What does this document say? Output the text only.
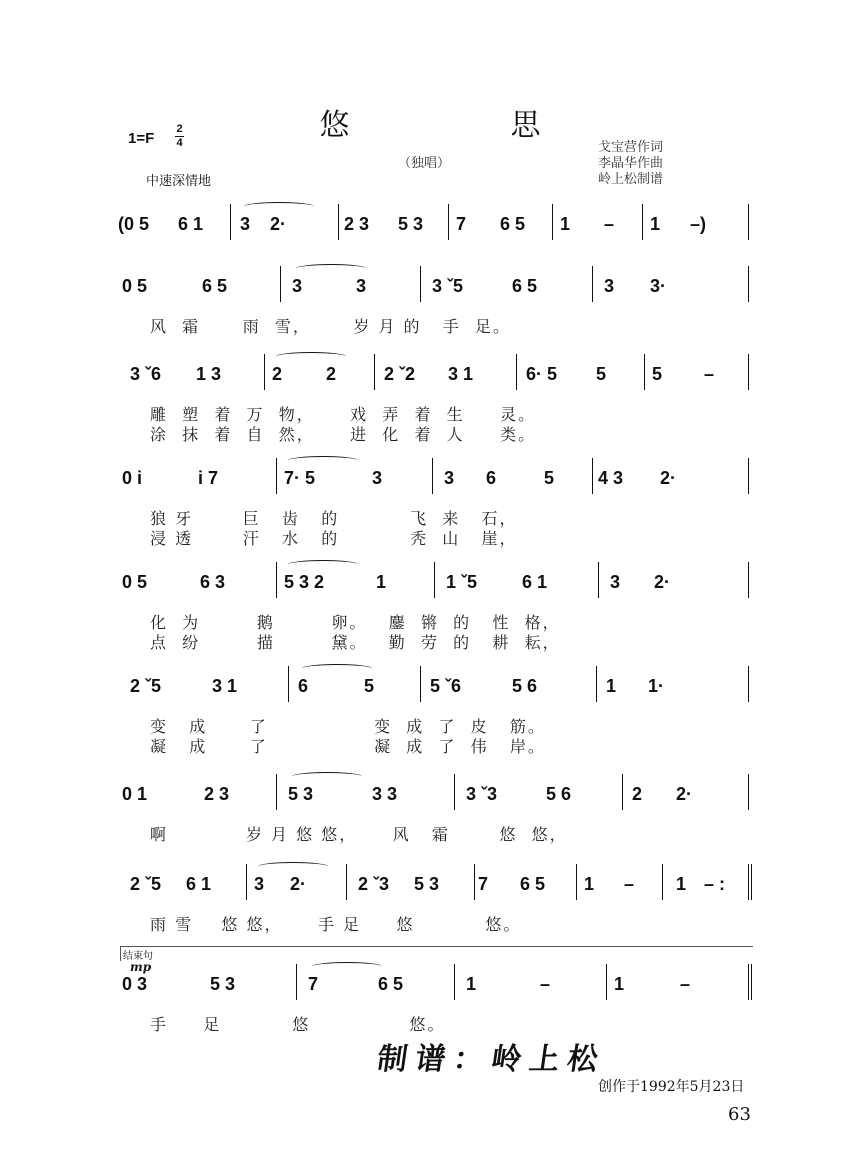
悠	思
1=F
2
4
中速深情地
（独唱）
戈宝营作词
李晶华作曲
岭上松制谱
(0 5 6 1 3 2·	2 3 5 3 7 6 5 1 – 1 –)
0 5	6 5	3	3	3 ˇ5	6 5	3 3·
风  霜      雨  雪，      岁 月 的   手  足。
3 ˇ6 1 3	2 2	2 ˇ2 3 1	6· 5 5	5 –
雕  塑  着  万  物，     戏  弄  着  生     灵。
涂  抹  着  自  然，     进  化  着  人     类。
0 i	i 7	7· 5	3	3 6	5 4 3 2·
狼 牙       巨   齿   的          飞  来   石，
浸 透       汗   水   的          秃  山   崖，
0 5	6 3	5 3 2	1	1 ˇ5 6 1	3 2·
化  为        鹅        卵。   鏖  锵  的   性  格，
点  纷        描        黛。   勤  劳  的   耕  耘，
2 ˇ5	3 1	6	5	5 ˇ6	5 6	1 1·
变   成      了               变  成  了  皮   筋。
凝   成      了               凝  成  了  伟   岸。
0 1	2 3	5 3	3 3	3 ˇ3	5 6	2 2·
啊           岁 月 悠 悠，     风   霜       悠  悠，
2 ˇ5 6 1 3 2·	2 ˇ3 5 3 7 6 5 1 – 1 – :
雨 雪    悠 悠，     手 足     悠          悠。
0 3	5 3	7	6 5	1	–	1	–
手     足          悠              悠。
结束句
mp
制谱：岭上松
创作于1992年5月23日
63
